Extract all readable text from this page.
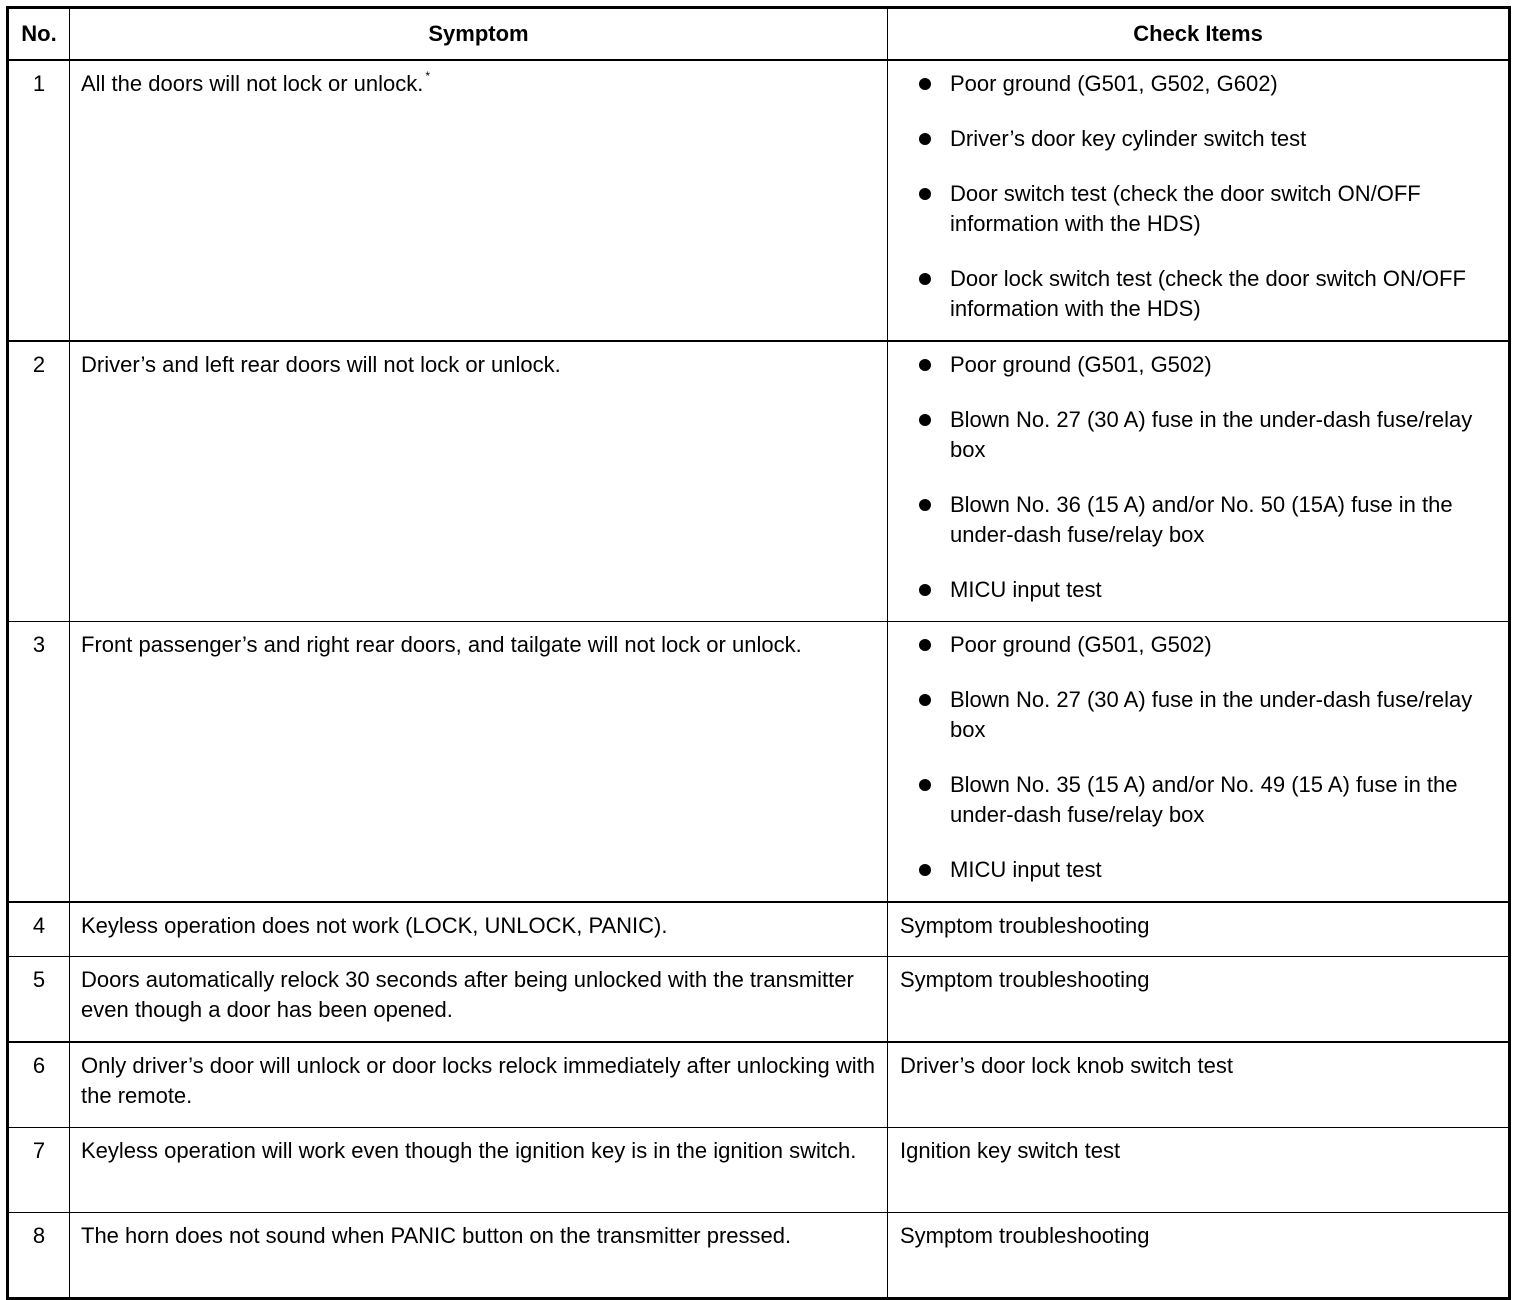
No.	Symptom	Check Items
1	All the doors will not lock or unlock. *	Poor ground (G501, G502, G602)
Driver’s door key cylinder switch test
Door switch test (check the door switch ON/OFF information with the HDS)
Door lock switch test (check the door switch ON/OFF information with the HDS)

2	Driver’s and left rear doors will not lock or unlock.	Poor ground (G501, G502)
Blown No. 27 (30 A) fuse in the under-dash fuse/relay box
Blown No. 36 (15 A) and/or No. 50 (15A) fuse in the under-dash fuse/relay box
MICU input test

3	Front passenger’s and right rear doors, and tailgate will not lock or unlock.	Poor ground (G501, G502)
Blown No. 27 (30 A) fuse in the under-dash fuse/relay box
Blown No. 35 (15 A) and/or No. 49 (15 A) fuse in the under-dash fuse/relay box
MICU input test

4	Keyless operation does not work (LOCK, UNLOCK, PANIC).	Symptom troubleshooting
5	Doors automatically relock 30 seconds after being unlocked with the transmitter even though a door has been opened.	Symptom troubleshooting
6	Only driver’s door will unlock or door locks relock immediately after unlocking with the remote.	Driver’s door lock knob switch test
7	Keyless operation will work even though the ignition key is in the ignition switch.	Ignition key switch test
8	The horn does not sound when PANIC button on the transmitter pressed.	Symptom troubleshooting
